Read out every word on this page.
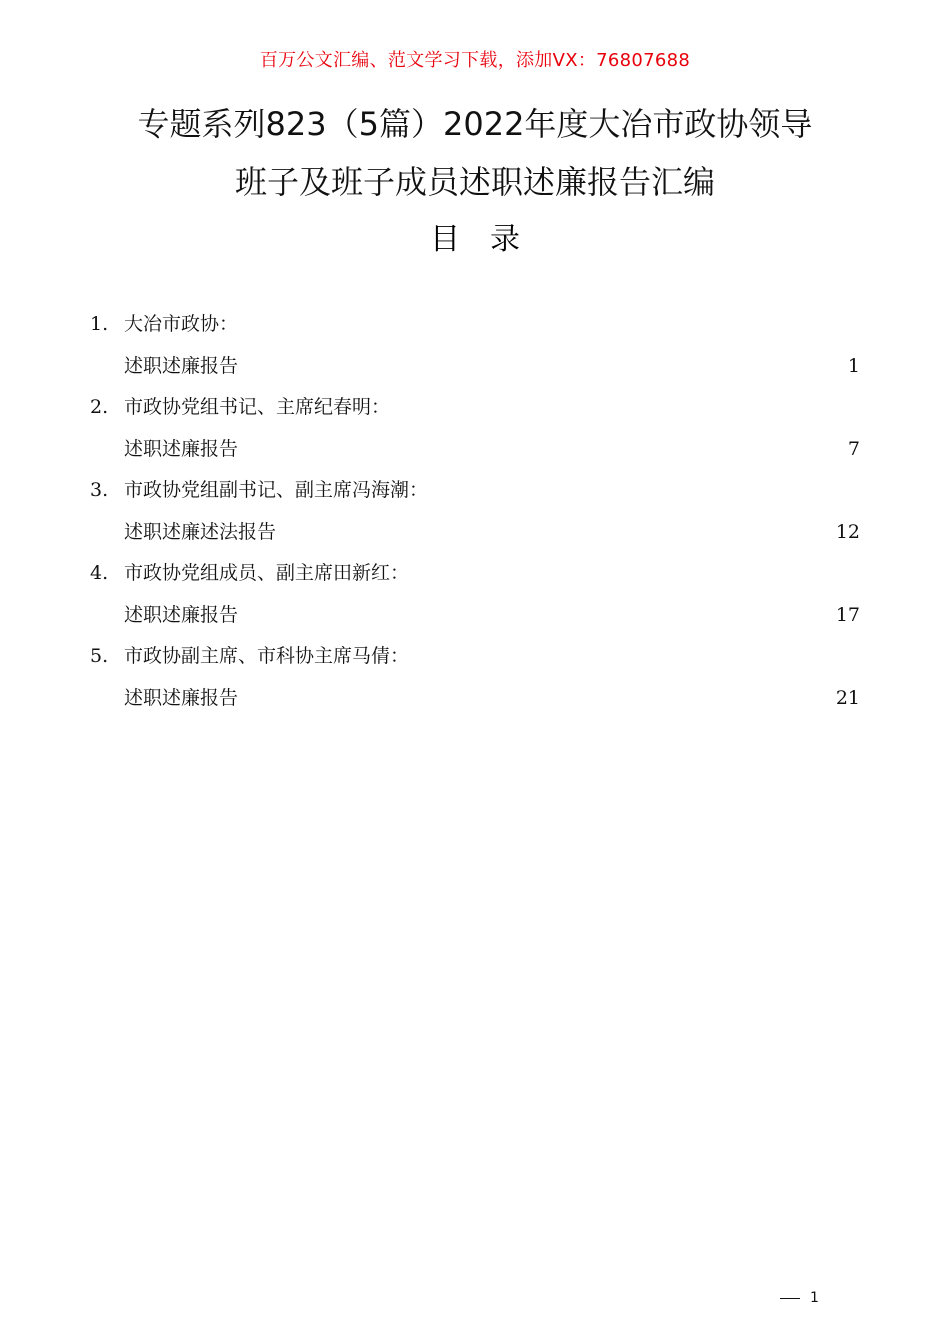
百万公文汇编、范文学习下载，添加VX：76807688
专题系列823（5篇）2022年度大冶市政协领导
班子及班子成员述职述廉报告汇编
目录
1. 大冶市政协：
述职述廉报告	1
2. 市政协党组书记、主席纪春明：
述职述廉报告	7
3. 市政协党组副书记、副主席冯海潮：
述职述廉述法报告	12
4. 市政协党组成员、副主席田新红：
述职述廉报告	17
5. 市政协副主席、市科协主席马倩：
述职述廉报告	21
1
